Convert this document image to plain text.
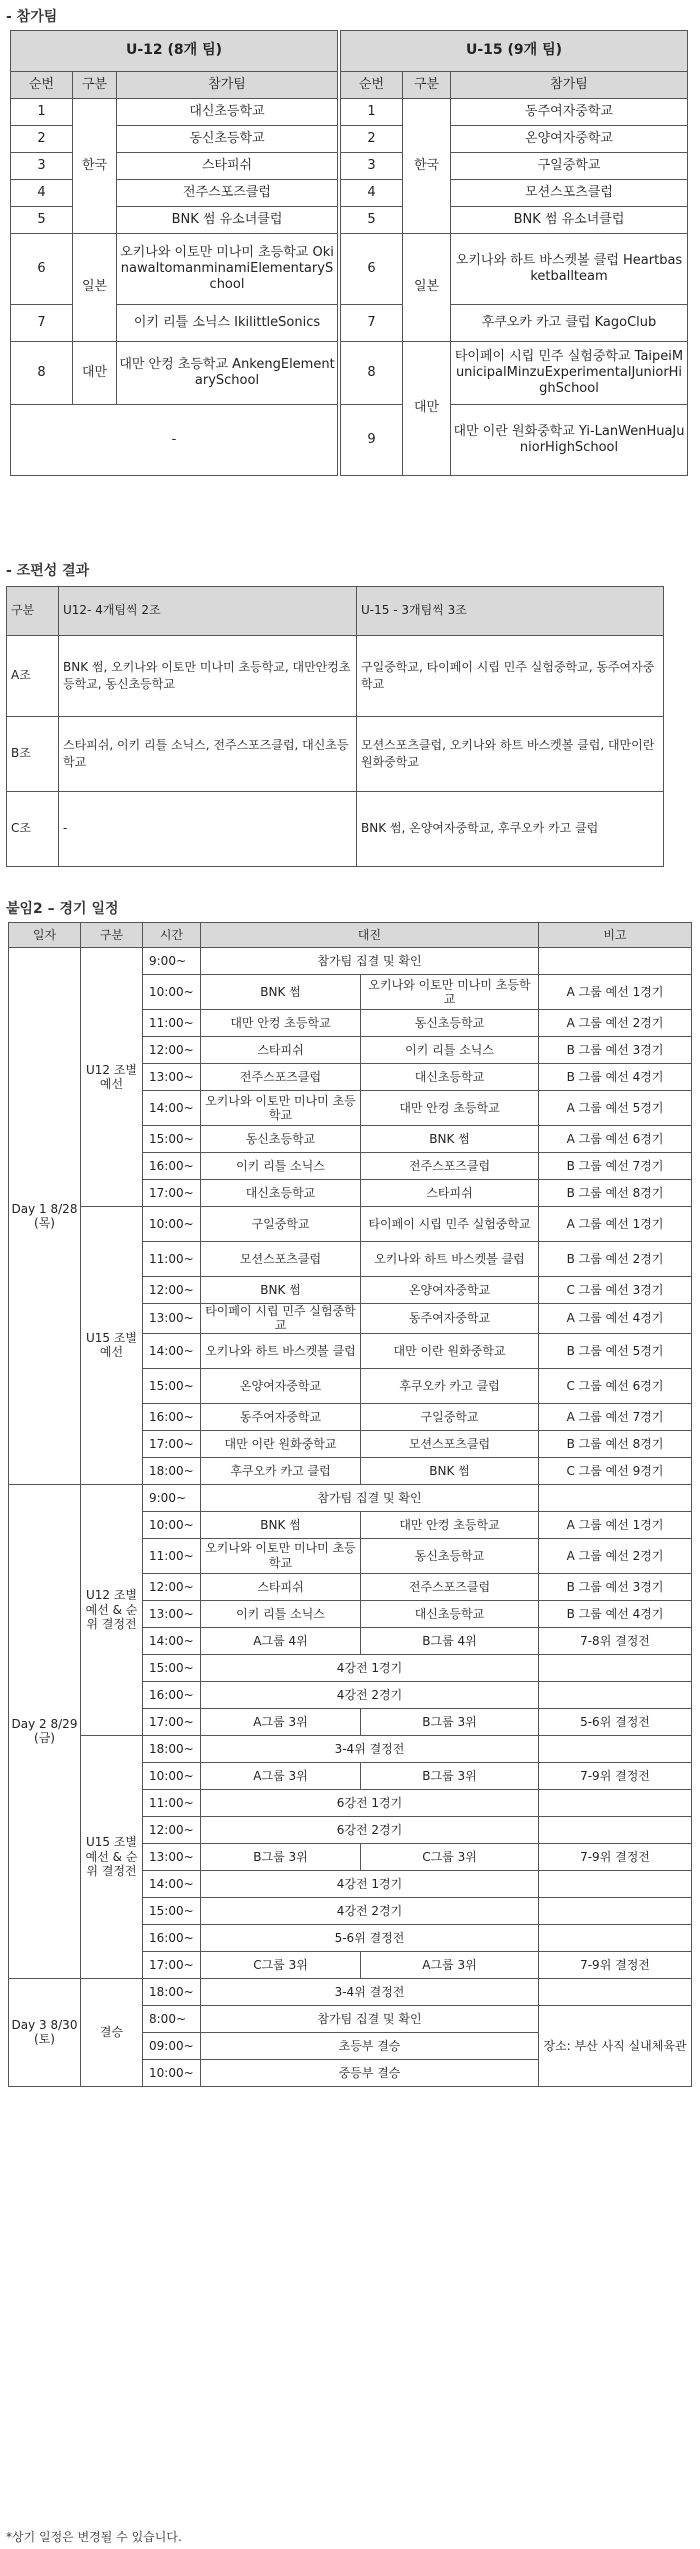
- 참가팀
U-12 (8개 팀)		
순번	구분	참가팀
1	한국	대신초등학교
2		동신초등학교
3		스타피쉬
4		전주스포즈클럽
5		BNK 썸 유소녀클럽
6	일본	오키나와 이토만 미나미 초등학교 OkinawaItomanminamiElementarySchool
7		이키 리틀 소닉스 IkilittleSonics
8	대만	대만 안컹 초등학교 AnkengElementarySchool
-		
U-15 (9개 팀)		
순번	구분	참가팀
1	한국	동주여자중학교
2		온양여자중학교
3		구일중학교
4		모션스포츠클럽
5		BNK 썸 유소녀클럽
6	일본	오키나와 하트 바스켓볼 클럽 Heartbasketballteam
7		후쿠오카 카고 클럽 KagoClub
8	대만	타이페이 시립 민주 실험중학교 TaipeiMunicipalMinzuExperimentalJuniorHighSchool
9		대만 이란 원화중학교 Yi-LanWenHuaJuniorHighSchool
- 조편성 결과
구분	U12- 4개팀씩 2조	U-15 - 3개팀씩 3조
A조	BNK 썸, 오키나와 이토만 미나미 초등학교, 대만안컹초등학교, 동신초등학교	구일중학교, 타이페이 시립 민주 실험중학교, 동주여자중학교
B조	스타피쉬, 이키 리틀 소닉스, 전주스포즈클럽, 대신초등학교	모션스포츠클럽, 오키나와 하트 바스켓볼 클럽, 대만이란원화중학교
C조	-	BNK 썸, 온양여자중학교, 후쿠오카 카고 클럽
붙임2 – 경기 일정
일자	구분	시간	대진		비고
Day 1 8/28(목)	U12 조별 예선	9:00~	참가팀 집결 및 확인		
		10:00~	BNK 썸	오키나와 이토만 미나미 초등학교	A 그룹 예선 1경기
		11:00~	대만 안컹 초등학교	동신초등학교	A 그룹 예선 2경기
		12:00~	스타피쉬	이키 리틀 소닉스	B 그룹 예선 3경기
		13:00~	전주스포즈클럽	대신초등학교	B 그룹 예선 4경기
		14:00~	오키나와 이토만 미나미 초등학교	대만 안컹 초등학교	A 그룹 예선 5경기
		15:00~	동신초등학교	BNK 썸	A 그룹 예선 6경기
		16:00~	이키 리틀 소닉스	전주스포즈클럽	B 그룹 예선 7경기
		17:00~	대신초등학교	스타피쉬	B 그룹 예선 8경기
	U15 조별 예선	10:00~	구일중학교	타이페이 시립 민주 실험중학교	A 그룹 예선 1경기
		11:00~	모션스포츠클럽	오키나와 하트 바스켓볼 클럽	B 그룹 예선 2경기
		12:00~	BNK 썸	온양여자중학교	C 그룹 예선 3경기
		13:00~	타이페이 시립 민주 실험중학교	동주여자중학교	A 그룹 예선 4경기
		14:00~	오키나와 하트 바스켓볼 클럽	대만 이란 원화중학교	B 그룹 예선 5경기
		15:00~	온양여자중학교	후쿠오카 카고 클럽	C 그룹 예선 6경기
		16:00~	동주여자중학교	구일중학교	A 그룹 예선 7경기
		17:00~	대만 이란 원화중학교	모션스포츠클럽	B 그룹 예선 8경기
		18:00~	후쿠오카 카고 클럽	BNK 썸	C 그룹 예선 9경기
Day 2 8/29(금)	U12 조별 예선 & 순위 결정전	9:00~	참가팀 집결 및 확인		
		10:00~	BNK 썸	대만 안컹 초등학교	A 그룹 예선 1경기
		11:00~	오키나와 이토만 미나미 초등학교	동신초등학교	A 그룹 예선 2경기
		12:00~	스타피쉬	전주스포즈클럽	B 그룹 예선 3경기
		13:00~	이키 리틀 소닉스	대신초등학교	B 그룹 예선 4경기
		14:00~	A그룹 4위	B그룹 4위	7-8위 결정전
		15:00~	4강전 1경기		
		16:00~	4강전 2경기		
		17:00~	A그룹 3위	B그룹 3위	5-6위 결정전
	U15 조별 예선 & 순위 결정전	18:00~	3-4위 결정전		
		10:00~	A그룹 3위	B그룹 3위	7-9위 결정전
		11:00~	6강전 1경기		
		12:00~	6강전 2경기		
		13:00~	B그룹 3위	C그룹 3위	7-9위 결정전
		14:00~	4강전 1경기		
		15:00~	4강전 2경기		
		16:00~	5-6위 결정전		
		17:00~	C그룹 3위	A그룹 3위	7-9위 결정전
Day 3 8/30(토)	결승	18:00~	3-4위 결정전		
		8:00~	참가팀 집결 및 확인		장소: 부산 사직 실내체육관
		09:00~	초등부 결승		
		10:00~	중등부 결승		
*상기 일정은 변경될 수 있습니다.
